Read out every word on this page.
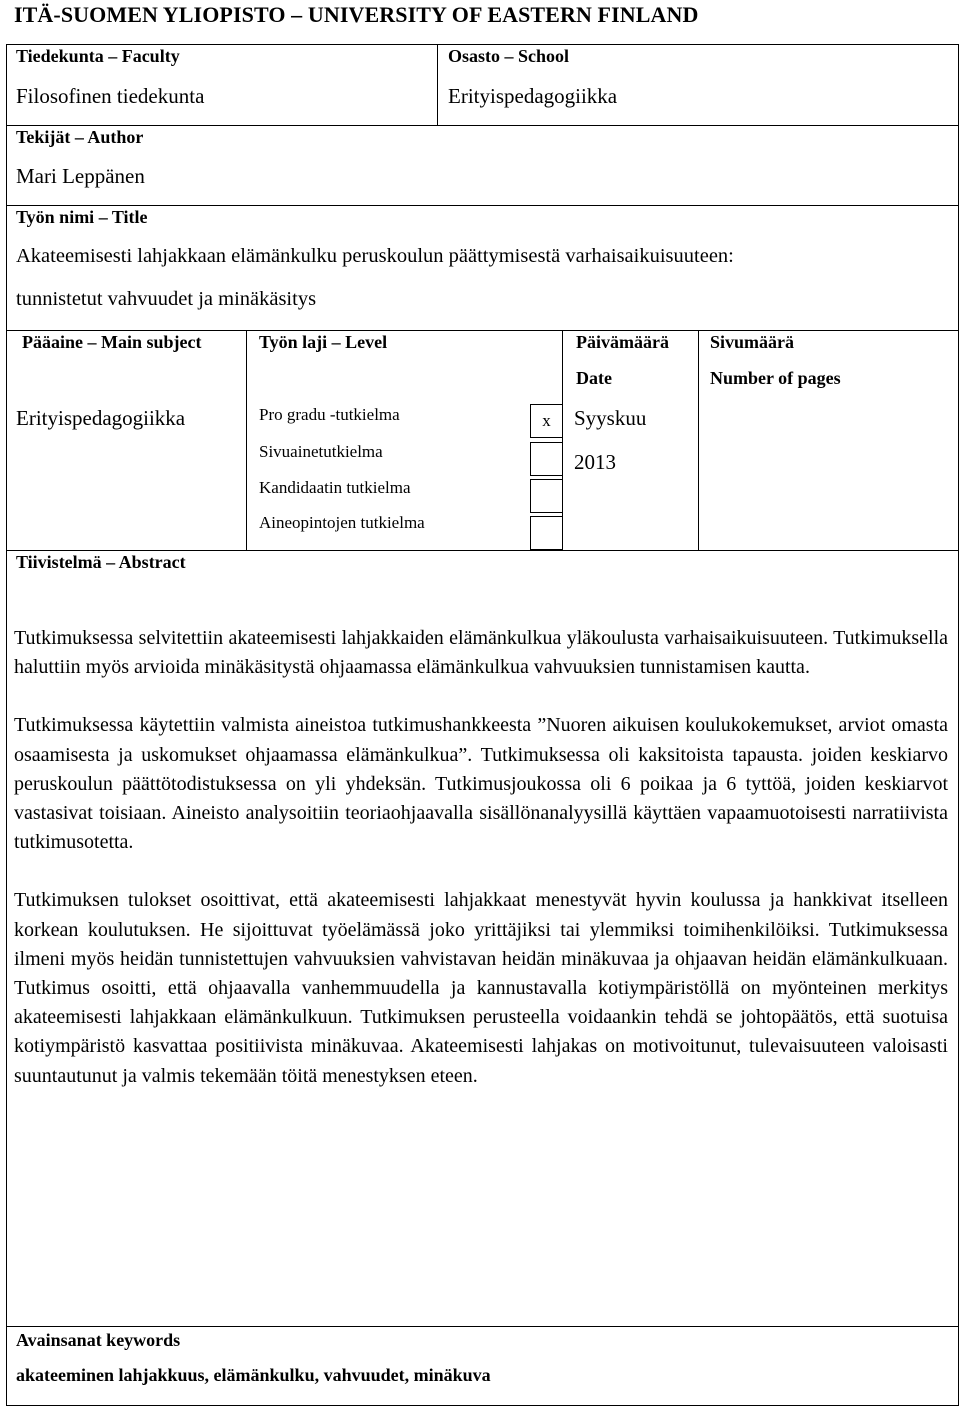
ITÄ-SUOMEN YLIOPISTO – UNIVERSITY OF EASTERN FINLAND
Tiedekunta – Faculty
Filosofinen tiedekunta
Osasto – School
Erityispedagogiikka
Tekijät – Author
Mari Leppänen
Työn nimi – Title
Akateemisesti lahjakkaan elämänkulku peruskoulun päättymisestä varhaisaikuisuuteen:
tunnistetut vahvuudet ja minäkäsitys
Pääaine – Main subject
Erityispedagogiikka
Työn laji – Level
Pro gradu -tutkielma
Sivuainetutkielma
Kandidaatin tutkielma
Aineopintojen tutkielma
x
Päivämäärä
Date
Syyskuu
2013
Sivumäärä
Number of pages
Tiivistelmä – Abstract

Tutkimuksessa selvitettiin akateemisesti lahjakkaiden elämänkulkua yläkoulusta varhaisaikuisuuteen. Tutkimuksella haluttiin myös arvioida minäkäsitystä ohjaamassa elämänkulkua vahvuuksien tunnistamisen kautta.

Tutkimuksessa käytettiin valmista aineistoa tutkimushankkeesta ”Nuoren aikuisen koulukokemukset, arviot omasta osaamisesta ja uskomukset ohjaamassa elämänkulkua”. Tutkimuksessa oli kaksitoista tapausta. joiden keskiarvo peruskoulun päättötodistuksessa on yli yhdeksän. Tutkimusjoukossa oli 6 poikaa ja 6 tyttöä, joiden keskiarvot vastasivat toisiaan. Aineisto analysoitiin teoriaohjaavalla sisällönanalyysillä käyttäen vapaamuotoisesti narratiivista tutkimusotetta.

Tutkimuksen tulokset osoittivat, että akateemisesti lahjakkaat menestyvät hyvin koulussa ja hankkivat itselleen korkean koulutuksen. He sijoittuvat työelämässä joko yrittäjiksi tai ylemmiksi toimihenkilöiksi. Tutkimuksessa ilmeni myös heidän tunnistettujen vahvuuksien vahvistavan heidän minäkuvaa ja ohjaavan heidän elämänkulkuaan. Tutkimus osoitti, että ohjaavalla vanhemmuudella ja kannustavalla kotiympäristöllä on myönteinen merkitys akateemisesti lahjakkaan elämänkulkuun. Tutkimuksen perusteella voidaankin tehdä se johtopäätös, että suotuisa kotiympäristö kasvattaa positiivista minäkuvaa. Akateemisesti lahjakas on motivoitunut, tulevaisuuteen valoisasti suuntautunut ja valmis tekemään töitä menestyksen eteen.

Avainsanat keywords
akateeminen lahjakkuus, elämänkulku, vahvuudet, minäkuva
